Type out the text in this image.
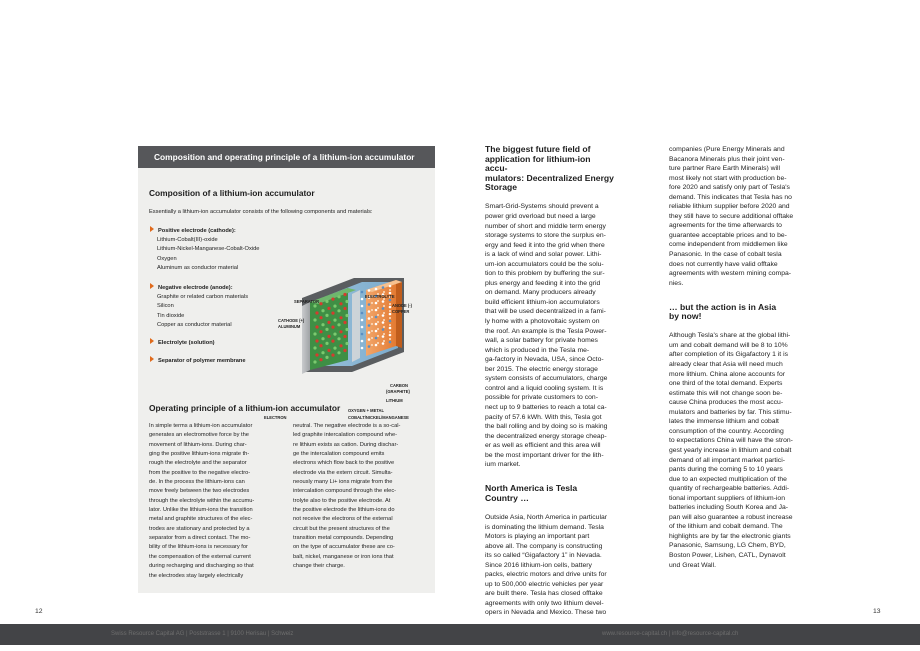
Composition and operating principle of a lithium-ion accumulator
Composition of a lithium-ion accumulator
Essentially a lithium-ion accumulator consists of the following components and materials:
Positive electrode (cathode):
Lithium-Cobalt(III)-oxide
Lithium-Nickel-Manganese-Cobalt-Oxide
Oxygen
Aluminum as conductor material
Negative electrode (anode):
Graphite or related carbon materials
Silicon
Tin dioxide
Copper as conductor material
Electrolyte (solution)
Separator of polymer membrane
SEPARATOR
ELECTROLYTE
ANODE (-)
COPPER
CATHODE (+)
ALUMINUM
CARBON
(GRAPHITE)
LITHIUM
OXYGEN + METAL
COBALT/NICKEL/MANGANESE
ELECTRON
Operating principle of a lithium-ion accumulator
In simple terms a lithium-ion accumulator
generates an electromotive force by the
movement of lithium-ions. During char-
ging the positive lithium-ions migrate th-
rough the electrolyte and the separator
from the positive to the negative electro-
de. In the process the lithium-ions can
move freely between the two electrodes
through the electrolyte within the accumu-
lator. Unlike the lithium-ions the transition
metal and graphite structures of the elec-
trodes are stationary and protected by a
separator from a direct contact. The mo-
bility of the lithium-ions is necessary for
the compensation of the external current
during recharging and discharging so that
the electrodes stay largely electrically
neutral. The negative electrode is a so-cal-
led graphite intercalation compound whe-
re lithium exists as cation. During dischar-
ge the intercalation compound emits
electrons which flow back to the positive
electrode via the extern circuit. Simulta-
neously many Li+ ions migrate from the
intercalation compound through the elec-
trolyte also to the positive electrode. At
the positive electrode the lithium-ions do
not receive the electrons of the external
circuit but the present structures of the
transition metal compounds. Depending
on the type of accumulator these are co-
balt, nickel, manganese or iron ions that
change their charge.
The biggest future field of
application for lithium-ion accu-
mulators: Decentralized Energy
Storage

Smart-Grid-Systems should prevent a
power grid overload but need a large
number of short and middle term energy
storage systems to store the surplus en-
ergy and feed it into the grid when there
is a lack of wind and solar power. Lithi-
um-ion accumulators could be the solu-
tion to this problem by buffering the sur-
plus energy and feeding it into the grid
on demand. Many producers already
build efficient lithium-ion accumulators
that will be used decentralized in a fami-
ly home with a photovoltaic system on
the roof. An example is the Tesla Power-
wall, a solar battery for private homes
which is produced in the Tesla me-
ga-factory in Nevada, USA, since Octo-
ber 2015. The electric energy storage
system consists of accumulators, charge
control and a liquid cooling system. It is
possible for private customers to con-
nect up to 9 batteries to reach a total ca-
pacity of 57.6 kWh. With this, Tesla got
the ball rolling and by doing so is making
the decentralized energy storage cheap-
er as well as efficient and this area will
be the most important driver for the lith-
ium market.

North America is Tesla
Country …

Outside Asia, North America in particular
is dominating the lithium demand. Tesla
Motors is playing an important part
above all. The company is constructing
its so called “Gigafactory 1” in Nevada.
Since 2016 lithium-ion cells, battery
packs, electric motors and drive units for
up to 500,000 electric vehicles per year
are built there. Tesla has closed offtake
agreements with only two lithium devel-
opers in Nevada and Mexico. These two

companies (Pure Energy Minerals and
Bacanora Minerals plus their joint ven-
ture partner Rare Earth Minerals) will
most likely not start with production be-
fore 2020 and satisfy only part of Tesla's
demand. This indicates that Tesla has no
reliable lithium supplier before 2020 and
they still have to secure additional offtake
agreements for the time afterwards to
guarantee acceptable prices and to be-
come independent from middlemen like
Panasonic. In the case of cobalt tesla
does not currently have valid offtake
agreements with western mining compa-
nies.

… but the action is in Asia
by now!

Although Tesla's share at the global lithi-
um and cobalt demand will be 8 to 10%
after completion of its Gigafactory 1 it is
already clear that Asia will need much
more lithium. China alone accounts for
one third of the total demand. Experts
estimate this will not change soon be-
cause China produces the most accu-
mulators and batteries by far. This stimu-
lates the immense lithium and cobalt
consumption of the country. According
to expectations China will have the stron-
gest yearly increase in lithium and cobalt
demand of all important market partici-
pants during the coming 5 to 10 years
due to an expected multiplication of the
quantity of rechargeable batteries. Addi-
tional important suppliers of lithium-ion
batteries including South Korea and Ja-
pan will also guarantee a robust increase
of the lithium and cobalt demand. The
highlights are by far the electronic giants
Panasonic, Samsung, LG Chem, BYD,
Boston Power, Lishen, CATL, Dynavolt
und Great Wall.

12	13
Swiss Resource Capital AG | Poststrasse 1 | 9100 Herisau | Schweiz	www.resource-capital.ch | info@resource-capital.ch
